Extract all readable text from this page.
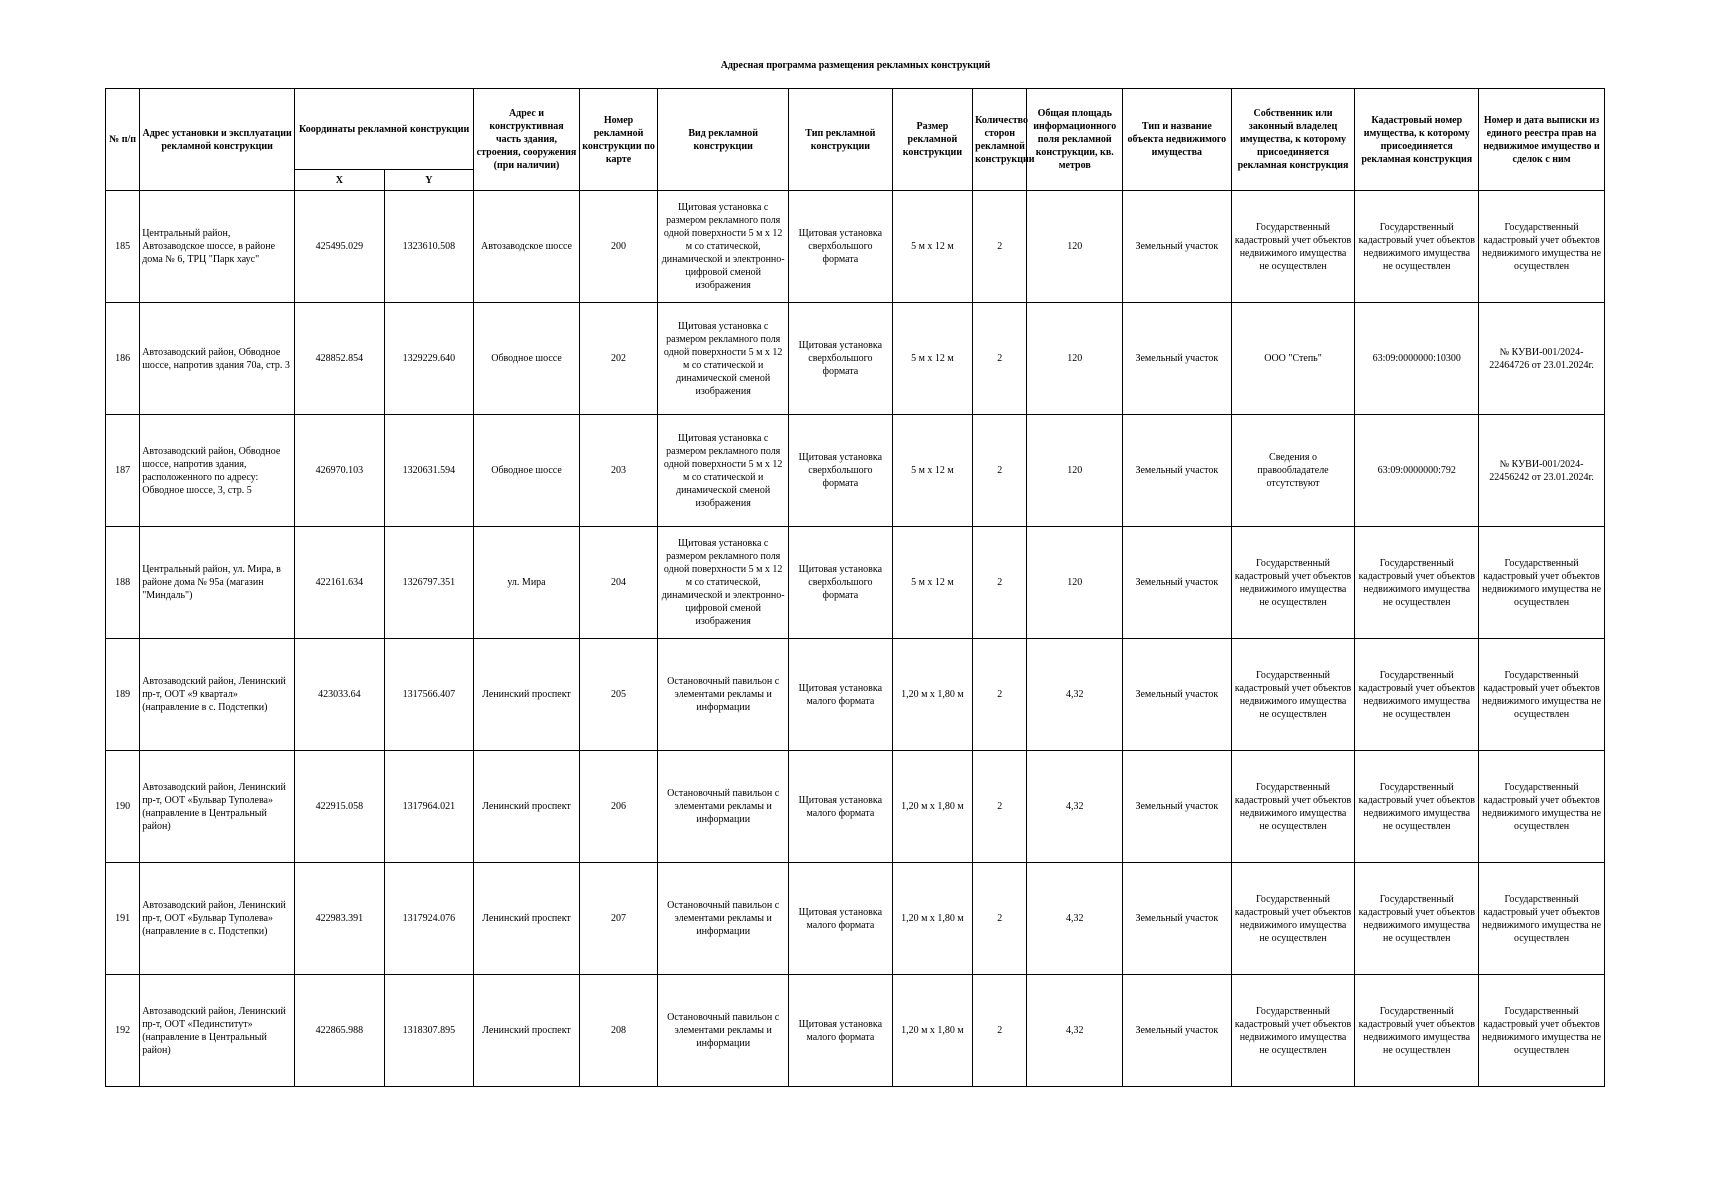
Адресная программа размещения рекламных конструкций
№ п/п	Адрес установки и эксплуатации рекламной конструкции	Координаты рекламной конструкции		Адрес и конструктивная часть здания, строения, сооружения (при наличии)	Номер рекламной конструкции по карте	Вид рекламной конструкции	Тип рекламной конструкции	Размер рекламной конструкции	Количество сторон рекламной конструкции	Общая площадь информационного поля рекламной конструкции, кв. метров	Тип и название объекта недвижимого имущества	Собственник или законный владелец имущества, к которому присоединяется рекламная конструкция	Кадастровый номер имущества, к которому присоединяется рекламная конструкция	Номер и дата выписки из единого реестра прав на недвижимое имущество и сделок с ним
		X	Y											
185	Центральный район, Автозаводское шоссе, в районе дома № 6, ТРЦ "Парк хаус"	425495.029	1323610.508	Автозаводское шоссе	200	Щитовая установка с размером рекламного поля одной поверхности 5 м х 12 м со статической, динамической и электронно-цифровой сменой изображения	Щитовая установка сверхбольшого формата	5 м х 12 м	2	120	Земельный участок	Государственный кадастровый учет объектов недвижимого имущества не осуществлен	Государственный кадастровый учет объектов недвижимого имущества не осуществлен	Государственный кадастровый учет объектов недвижимого имущества не осуществлен
186	Автозаводский район, Обводное шоссе, напротив здания 70а, стр. 3	428852.854	1329229.640	Обводное шоссе	202	Щитовая установка с размером рекламного поля одной поверхности 5 м х 12 м со статической и динамической сменой изображения	Щитовая установка сверхбольшого формата	5 м х 12 м	2	120	Земельный участок	ООО "Степь"	63:09:0000000:10300	№ КУВИ-001/2024-22464726 от 23.01.2024г.
187	Автозаводский район, Обводное шоссе, напротив здания, расположенного по адресу: Обводное шоссе, 3, стр. 5	426970.103	1320631.594	Обводное шоссе	203	Щитовая установка с размером рекламного поля одной поверхности 5 м х 12 м со статической и динамической сменой изображения	Щитовая установка сверхбольшого формата	5 м х 12 м	2	120	Земельный участок	Сведения о правообладателе отсутствуют	63:09:0000000:792	№ КУВИ-001/2024-22456242 от 23.01.2024г.
188	Центральный район, ул. Мира, в районе дома № 95а (магазин "Миндаль")	422161.634	1326797.351	ул. Мира	204	Щитовая установка с размером рекламного поля одной поверхности 5 м х 12 м со статической, динамической и электронно-цифровой сменой изображения	Щитовая установка сверхбольшого формата	5 м х 12 м	2	120	Земельный участок	Государственный кадастровый учет объектов недвижимого имущества не осуществлен	Государственный кадастровый учет объектов недвижимого имущества не осуществлен	Государственный кадастровый учет объектов недвижимого имущества не осуществлен
189	Автозаводский район, Ленинский пр-т, ООТ «9 квартал» (направление в с. Подстепки)	423033.64	1317566.407	Ленинский проспект	205	Остановочный павильон с элементами рекламы и информации	Щитовая установка малого формата	1,20 м х 1,80 м	2	4,32	Земельный участок	Государственный кадастровый учет объектов недвижимого имущества не осуществлен	Государственный кадастровый учет объектов недвижимого имущества не осуществлен	Государственный кадастровый учет объектов недвижимого имущества не осуществлен
190	Автозаводский район, Ленинский пр-т, ООТ «Бульвар Туполева» (направление в Центральный район)	422915.058	1317964.021	Ленинский проспект	206	Остановочный павильон с элементами рекламы и информации	Щитовая установка малого формата	1,20 м х 1,80 м	2	4,32	Земельный участок	Государственный кадастровый учет объектов недвижимого имущества не осуществлен	Государственный кадастровый учет объектов недвижимого имущества не осуществлен	Государственный кадастровый учет объектов недвижимого имущества не осуществлен
191	Автозаводский район, Ленинский пр-т, ООТ «Бульвар Туполева» (направление в с. Подстепки)	422983.391	1317924.076	Ленинский проспект	207	Остановочный павильон с элементами рекламы и информации	Щитовая установка малого формата	1,20 м х 1,80 м	2	4,32	Земельный участок	Государственный кадастровый учет объектов недвижимого имущества не осуществлен	Государственный кадастровый учет объектов недвижимого имущества не осуществлен	Государственный кадастровый учет объектов недвижимого имущества не осуществлен
192	Автозаводский район, Ленинский пр-т, ООТ «Пединститут» (направление в Центральный район)	422865.988	1318307.895	Ленинский проспект	208	Остановочный павильон с элементами рекламы и информации	Щитовая установка малого формата	1,20 м х 1,80 м	2	4,32	Земельный участок	Государственный кадастровый учет объектов недвижимого имущества не осуществлен	Государственный кадастровый учет объектов недвижимого имущества не осуществлен	Государственный кадастровый учет объектов недвижимого имущества не осуществлен
